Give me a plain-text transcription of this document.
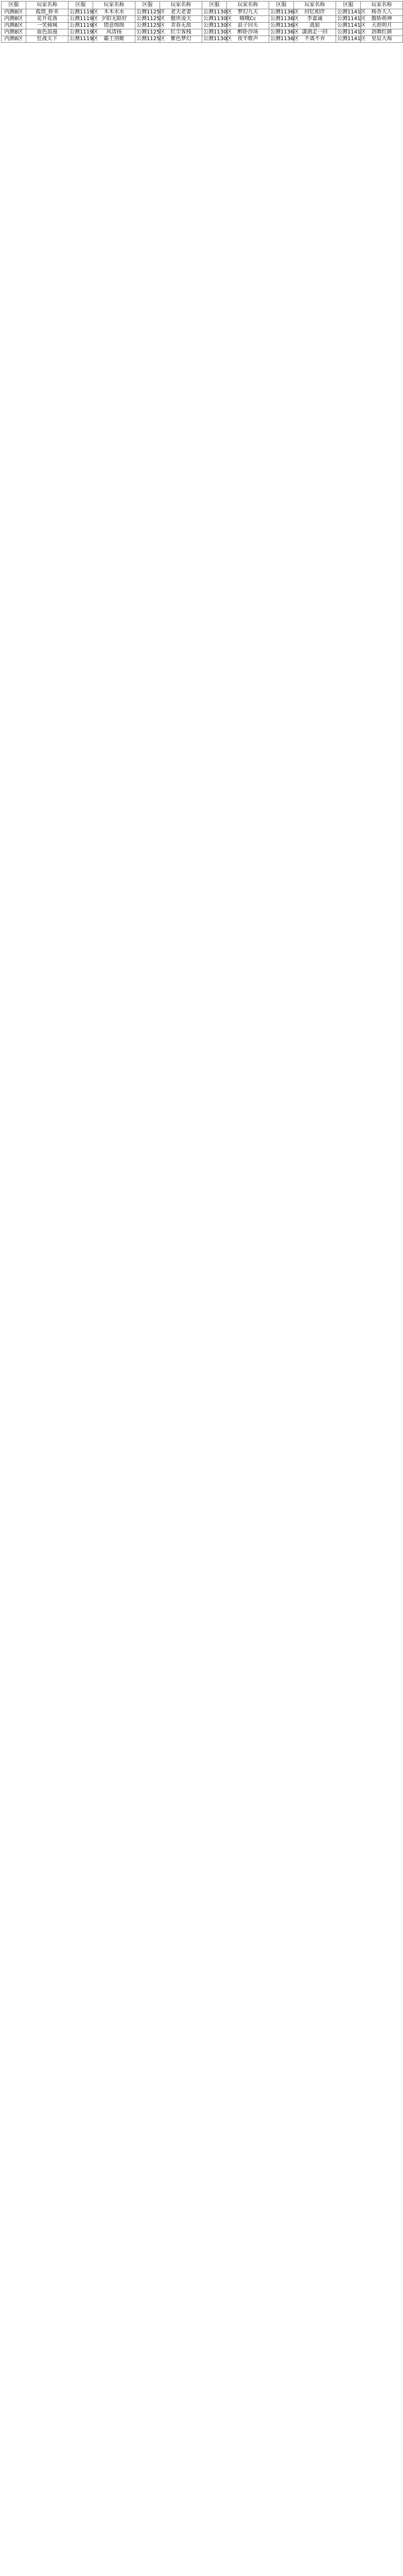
区服	玩家名称	区服	玩家名称	区服	玩家名称	区服	玩家名称	区服	玩家名称	区服	玩家名称
内测8区	孤情_虾米	公测1119区	木木水水	公测1125区	老夫老妻	公测1130区	梦幻九天	公测1136区	回忆相伴	公测1141区	杨杏大人
内测8区	花开花落	公测1119区	夕阳无限好	公测1125区	傲世凌天	公测1130区	嗨哦Cc	公测1136区	李嘉诚	公测1141区	傲娇萌神
内测8区	一笑倾城	公测1119区	情意绵绵	公测1125区	青春无敌	公测1130区	浪子回头	公测1136区	战狼	公测1141区	天涯明月
内测8区	血色浪漫	公测1119区	风清扬	公测1125区	红尘客栈	公测1130区	醉卧沙场	公测1136区	潇洒走一回	公测1141区	剑舞红颜
内测8区	狂战天下	公测1119区	霸王别姬	公测1125区	紫色梦幻	公测1130区	夜半歌声	公测1136区	不离不弃	公测1141区	星辰大海
